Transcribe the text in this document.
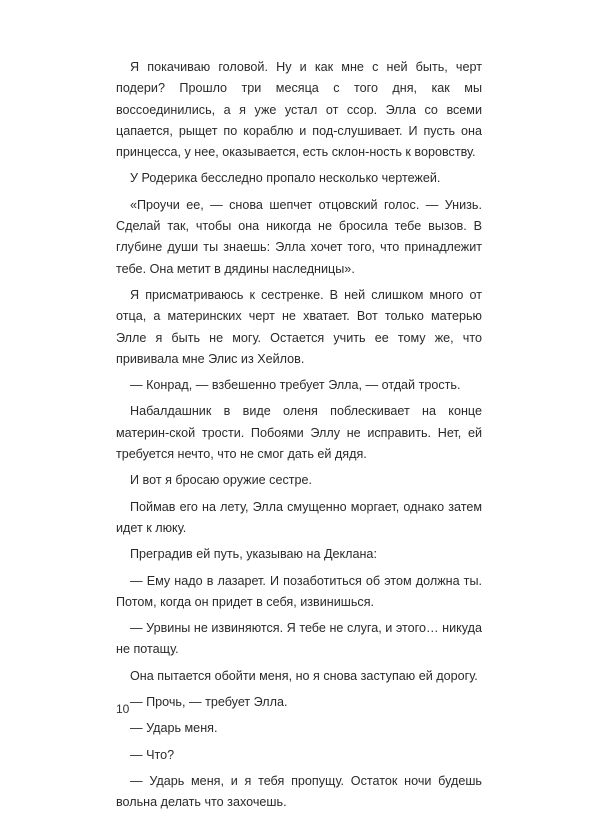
Я покачиваю головой. Ну и как мне с ней быть, черт подери? Прошло три месяца с того дня, как мы воссоединились, а я уже устал от ссор. Элла со всеми цапается, рыщет по кораблю и под-слушивает. И пусть она принцесса, у нее, оказывается, есть склон-ность к воровству.

У Родерика бесследно пропало несколько чертежей.

«Проучи ее, — снова шепчет отцовский голос. — Унизь. Сделай так, чтобы она никогда не бросила тебе вызов. В глубине души ты знаешь: Элла хочет того, что принадлежит тебе. Она метит в дядины наследницы».

Я присматриваюсь к сестренке. В ней слишком много от отца, а материнских черт не хватает. Вот только матерью Элле я быть не могу. Остается учить ее тому же, что прививала мне Элис из Хейлов.

— Конрад, — взбешенно требует Элла, — отдай трость.

Набалдашник в виде оленя поблескивает на конце материн-ской трости. Побоями Эллу не исправить. Нет, ей требуется нечто, что не смог дать ей дядя.

И вот я бросаю оружие сестре.

Поймав его на лету, Элла смущенно моргает, однако затем идет к люку.

Преградив ей путь, указываю на Деклана:

— Ему надо в лазарет. И позаботиться об этом должна ты. Потом, когда он придет в себя, извинишься.

— Урвины не извиняются. Я тебе не слуга, и этого… никуда не потащу.

Она пытается обойти меня, но я снова заступаю ей дорогу.

— Прочь, — требует Элла.

— Ударь меня.

— Что?

— Ударь меня, и я тебя пропущу. Остаток ночи будешь вольна делать что захочешь.

10
